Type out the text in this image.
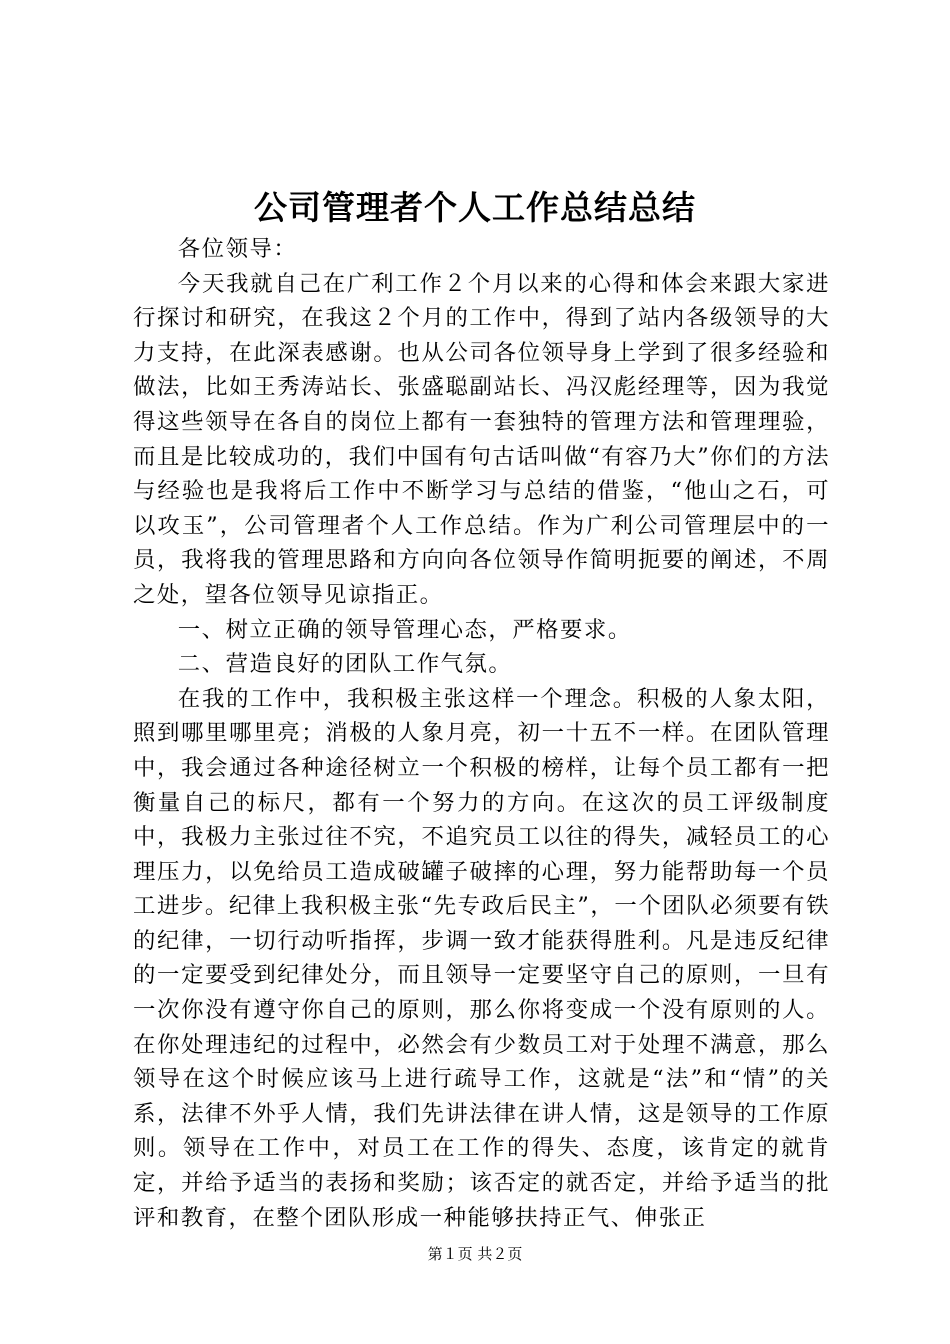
公司管理者个人工作总结总结

各位领导：

今天我就自己在广利工作２个月以来的心得和体会来跟大家进行探讨和研究，在我这２个月的工作中，得到了站内各级领导的大力支持，在此深表感谢。也从公司各位领导身上学到了很多经验和做法，比如王秀涛站长、张盛聪副站长、冯汉彪经理等，因为我觉得这些领导在各自的岗位上都有一套独特的管理方法和管理理验，而且是比较成功的，我们中国有句古话叫做“有容乃大”你们的方法与经验也是我将后工作中不断学习与总结的借鉴，“他山之石，可以攻玉”，公司管理者个人工作总结。作为广利公司管理层中的一员，我将我的管理思路和方向向各位领导作简明扼要的阐述，不周之处，望各位领导见谅指正。

一、树立正确的领导管理心态，严格要求。

二、营造良好的团队工作气氛。

在我的工作中，我积极主张这样一个理念。积极的人象太阳，照到哪里哪里亮；消极的人象月亮，初一十五不一样。在团队管理中，我会通过各种途径树立一个积极的榜样，让每个员工都有一把衡量自己的标尺，都有一个努力的方向。在这次的员工评级制度中，我极力主张过往不究，不追究员工以往的得失，减轻员工的心理压力，以免给员工造成破罐子破摔的心理，努力能帮助每一个员工进步。纪律上我积极主张“先专政后民主”，一个团队必须要有铁的纪律，一切行动听指挥，步调一致才能获得胜利。凡是违反纪律的一定要受到纪律处分，而且领导一定要坚守自己的原则，一旦有一次你没有遵守你自己的原则，那么你将变成一个没有原则的人。在你处理违纪的过程中，必然会有少数员工对于处理不满意，那么领导在这个时候应该马上进行疏导工作，这就是“法”和“情”的关系，法律不外乎人情，我们先讲法律在讲人情，这是领导的工作原则。领导在工作中，对员工在工作的得失、态度，该肯定的就肯定，并给予适当的表扬和奖励；该否定的就否定，并给予适当的批评和教育，在整个团队形成一种能够扶持正气、伸张正

第１页 共２页
